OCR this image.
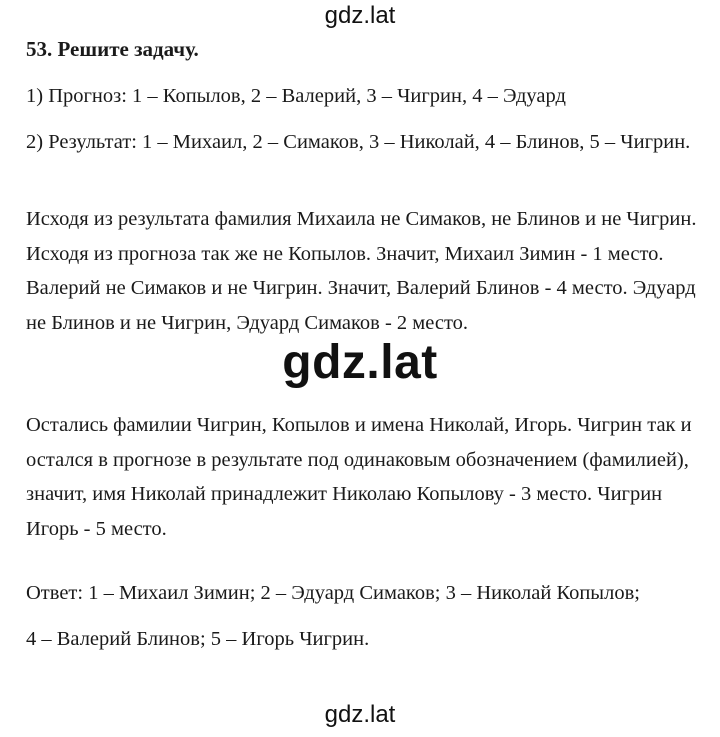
gdz.lat
53. Решите задачу.
1) Прогноз: 1 – Копылов, 2 – Валерий, 3 – Чигрин, 4 – Эдуард
2) Результат: 1 – Михаил, 2 – Симаков, 3 – Николай, 4 – Блинов, 5 – Чигрин.
Исходя из результата фамилия Михаила не Симаков, не Блинов и не Чигрин. Исходя из прогноза так же не Копылов. Значит, Михаил Зимин - 1 место. Валерий не Симаков и не Чигрин. Значит, Валерий Блинов - 4 место. Эдуард не Блинов и не Чигрин, Эдуард Симаков - 2 место.
gdz.lat
Остались фамилии Чигрин, Копылов и имена Николай, Игорь. Чигрин так и остался в прогнозе в результате под одинаковым обозначением (фамилией), значит, имя Николай принадлежит Николаю Копылову - 3 место. Чигрин Игорь - 5 место.
Ответ: 1 – Михаил Зимин; 2 – Эдуард Симаков; 3 – Николай Копылов;
4 – Валерий Блинов; 5 – Игорь Чигрин.
gdz.lat
